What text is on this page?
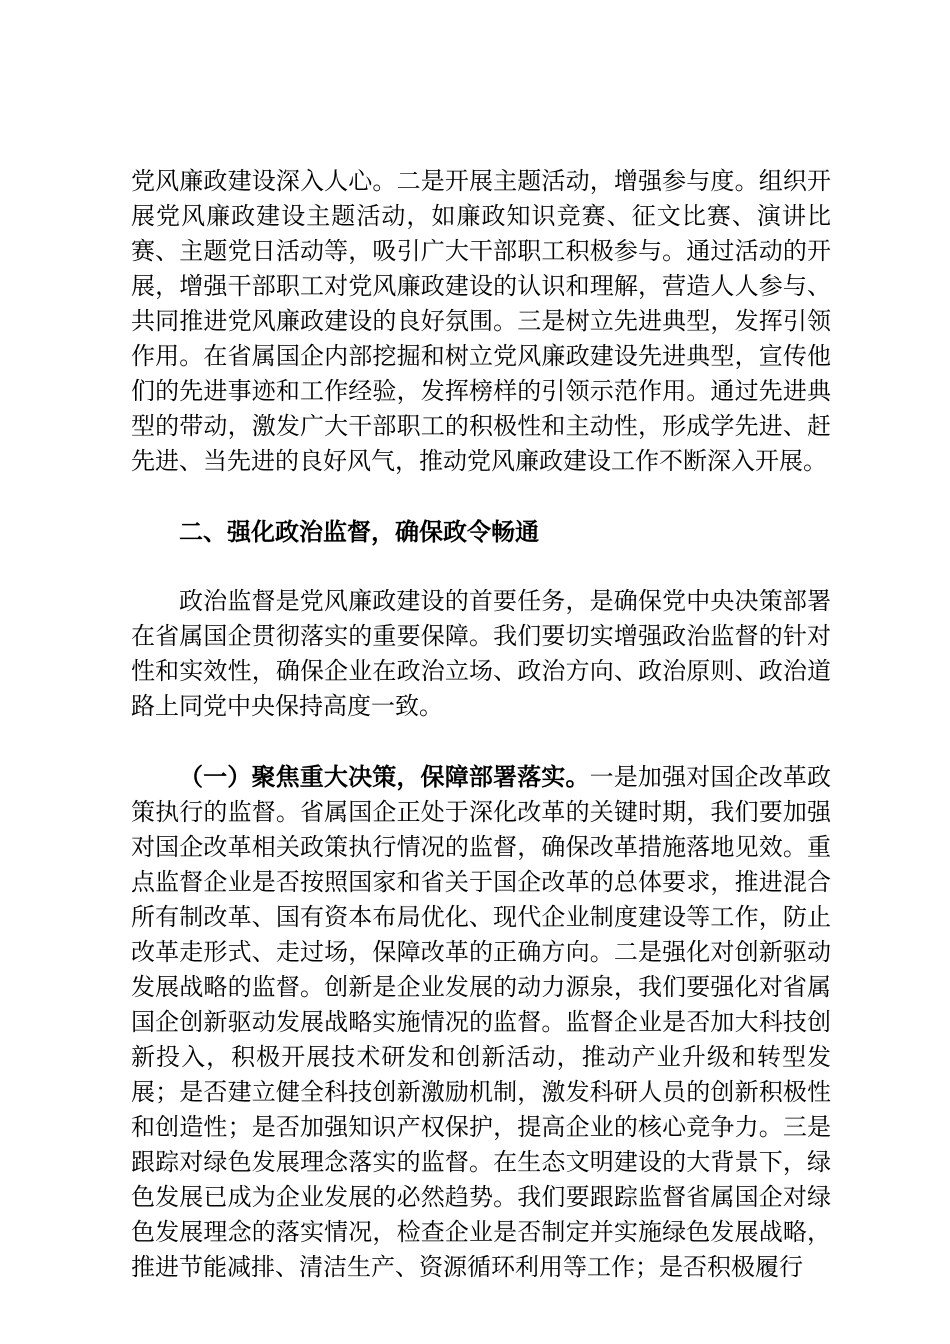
党风廉政建设深入人心。二是开展主题活动，增强参与度。组织开展党风廉政建设主题活动，如廉政知识竞赛、征文比赛、演讲比赛、主题党日活动等，吸引广大干部职工积极参与。通过活动的开展，增强干部职工对党风廉政建设的认识和理解，营造人人参与、共同推进党风廉政建设的良好氛围。三是树立先进典型，发挥引领作用。在省属国企内部挖掘和树立党风廉政建设先进典型，宣传他们的先进事迹和工作经验，发挥榜样的引领示范作用。通过先进典型的带动，激发广大干部职工的积极性和主动性，形成学先进、赶先进、当先进的良好风气，推动党风廉政建设工作不断深入开展。

二、强化政治监督，确保政令畅通

政治监督是党风廉政建设的首要任务，是确保党中央决策部署在省属国企贯彻落实的重要保障。我们要切实增强政治监督的针对性和实效性，确保企业在政治立场、政治方向、政治原则、政治道路上同党中央保持高度一致。

（一）聚焦重大决策，保障部署落实。一是加强对国企改革政策执行的监督。省属国企正处于深化改革的关键时期，我们要加强对国企改革相关政策执行情况的监督，确保改革措施落地见效。重点监督企业是否按照国家和省关于国企改革的总体要求，推进混合所有制改革、国有资本布局优化、现代企业制度建设等工作，防止改革走形式、走过场，保障改革的正确方向。二是强化对创新驱动发展战略的监督。创新是企业发展的动力源泉，我们要强化对省属国企创新驱动发展战略实施情况的监督。监督企业是否加大科技创新投入，积极开展技术研发和创新活动，推动产业升级和转型发展；是否建立健全科技创新激励机制，激发科研人员的创新积极性和创造性；是否加强知识产权保护，提高企业的核心竞争力。三是跟踪对绿色发展理念落实的监督。在生态文明建设的大背景下，绿色发展已成为企业发展的必然趋势。我们要跟踪监督省属国企对绿色发展理念的落实情况，检查企业是否制定并实施绿色发展战略，推进节能减排、清洁生产、资源循环利用等工作；是否积极履行
